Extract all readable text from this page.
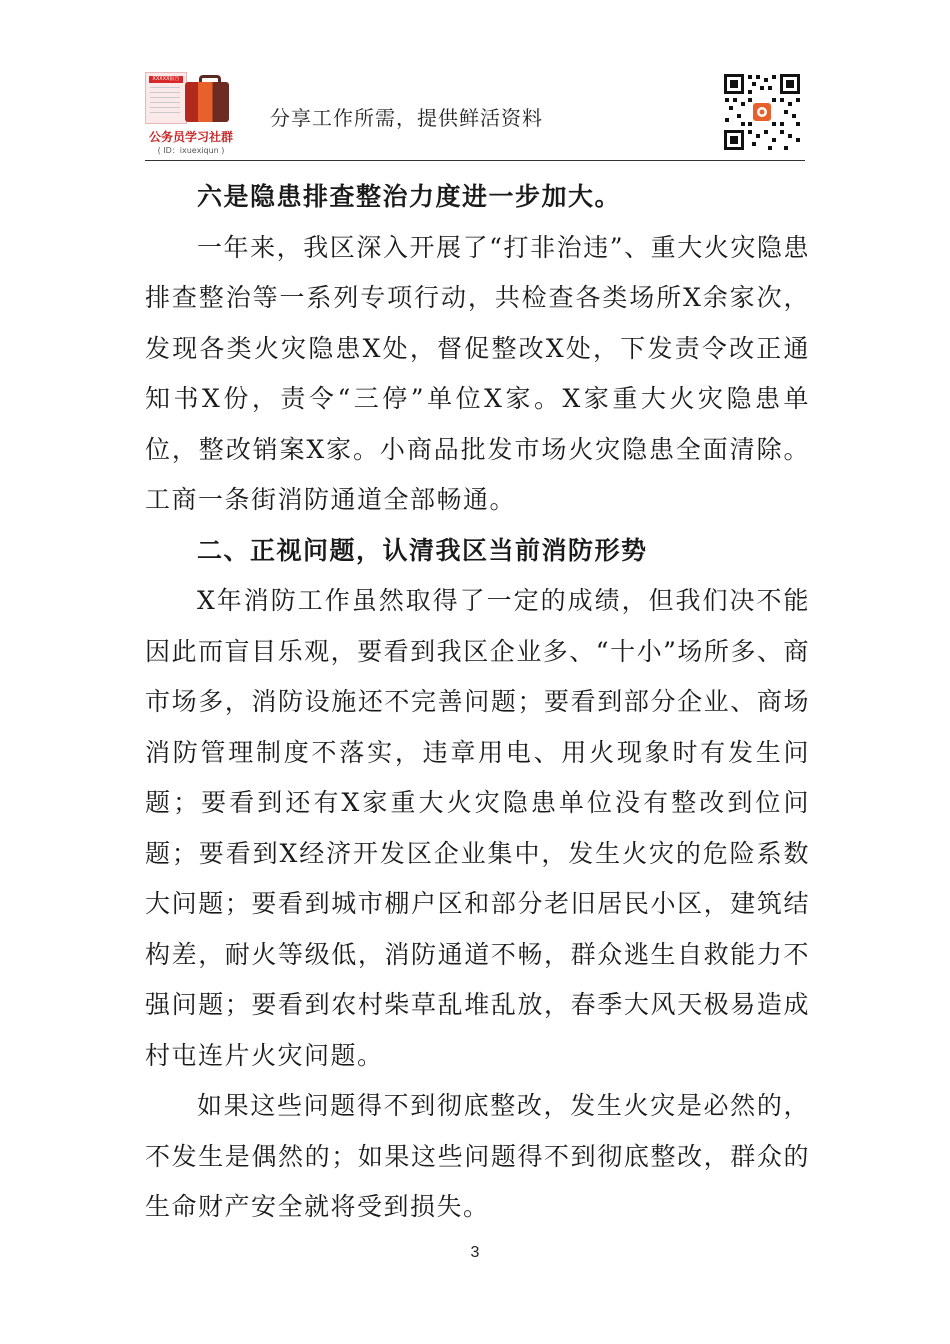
XXXXX报告
公务员学习社群
( ID：ixuexiqun )
分享工作所需，提供鲜活资料

六是隐患排查整治力度进一步加大。

一年来，我区深入开展了“打非治违”、重大火灾隐患排查整治等一系列专项行动，共检查各类场所X余家次，发现各类火灾隐患X处，督促整改X处，下发责令改正通知书X份，责令“三停”单位X家。X家重大火灾隐患单位，整改销案X家。小商品批发市场火灾隐患全面清除。工商一条街消防通道全部畅通。

二、正视问题，认清我区当前消防形势

X年消防工作虽然取得了一定的成绩，但我们决不能因此而盲目乐观，要看到我区企业多、“十小”场所多、商市场多，消防设施还不完善问题；要看到部分企业、商场消防管理制度不落实，违章用电、用火现象时有发生问题；要看到还有X家重大火灾隐患单位没有整改到位问题；要看到X经济开发区企业集中，发生火灾的危险系数大问题；要看到城市棚户区和部分老旧居民小区，建筑结构差，耐火等级低，消防通道不畅，群众逃生自救能力不强问题；要看到农村柴草乱堆乱放，春季大风天极易造成村屯连片火灾问题。

如果这些问题得不到彻底整改，发生火灾是必然的，不发生是偶然的；如果这些问题得不到彻底整改，群众的生命财产安全就将受到损失。

3
